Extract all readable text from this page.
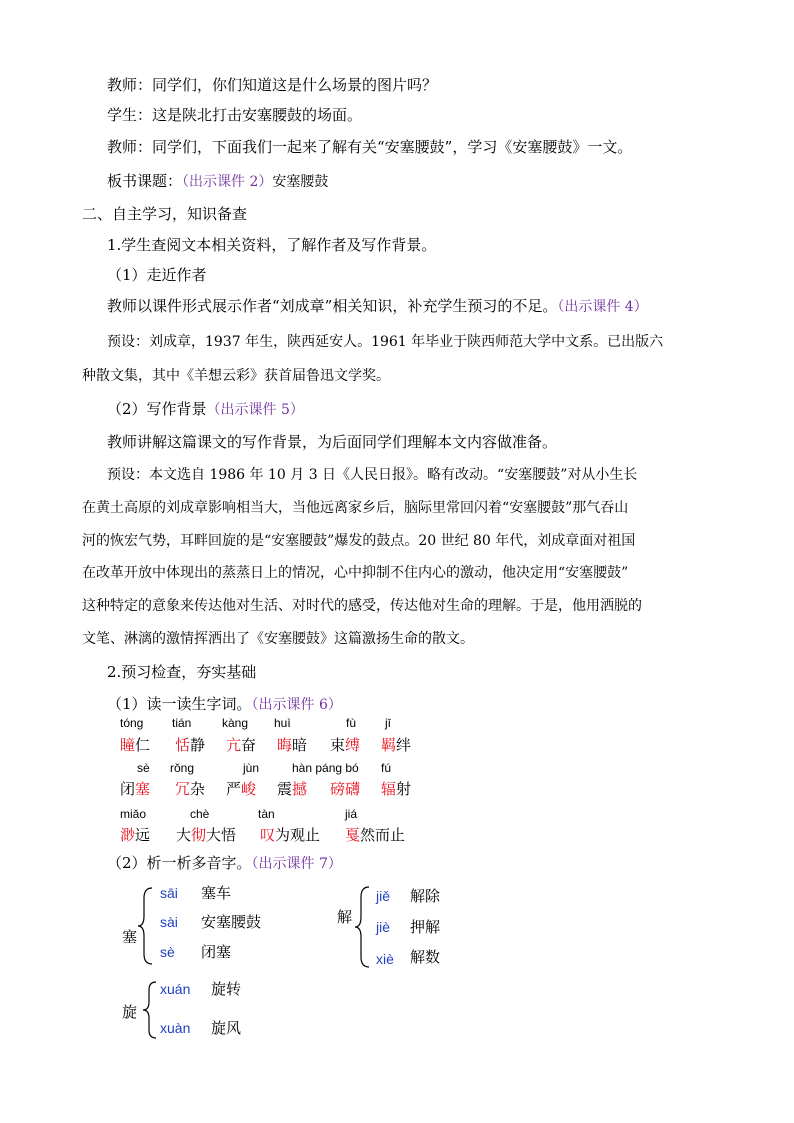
教师：同学们，你们知道这是什么场景的图片吗？
学生：这是陕北打击安塞腰鼓的场面。
教师：同学们，下面我们一起来了解有关“安塞腰鼓”，学习《安塞腰鼓》一文。
板书课题：（出示课件 2）安塞腰鼓
二、自主学习，知识备查
1.学生查阅文本相关资料，了解作者及写作背景。
（1）走近作者
教师以课件形式展示作者“刘成章”相关知识，补充学生预习的不足。（出示课件 4）
预设：刘成章，1937 年生，陕西延安人。1961 年毕业于陕西师范大学中文系。已出版六
种散文集，其中《羊想云彩》获首届鲁迅文学奖。
（2）写作背景（出示课件 5）
教师讲解这篇课文的写作背景，为后面同学们理解本文内容做准备。
预设：本文选自 1986 年 10 月 3 日《人民日报》。略有改动。“安塞腰鼓”对从小生长
在黄土高原的刘成章影响相当大，当他远离家乡后，脑际里常回闪着“安塞腰鼓”那气吞山
河的恢宏气势，耳畔回旋的是“安塞腰鼓”爆发的鼓点。20 世纪 80 年代，刘成章面对祖国
在改革开放中体现出的蒸蒸日上的情况，心中抑制不住内心的激动，他决定用“安塞腰鼓”
这种特定的意象来传达他对生活、对时代的感受，传达他对生命的理解。于是，他用洒脱的
文笔、淋漓的激情挥洒出了《安塞腰鼓》这篇激扬生命的散文。
2.预习检查，夯实基础
（1）读一读生字词。（出示课件 6）
tóng tián	kàng huì	fù jī
瞳仁 恬静 亢奋 晦暗 束缚 羁绊
sè rǒng	jùn	hàn páng bó fú
闭塞 冗杂 严峻 震撼 磅礴 辐射
miǎo	chè	tàn	jiá
渺远 大彻大悟 叹为观止 戛然而止
（2）析一析多音字。（出示课件 7）
塞
sāi 塞车
sài 安塞腰鼓
sè 闭塞
解
jiě 解除
jiè 押解
xiè 解数
旋
xuán 旋转
xuàn 旋风
